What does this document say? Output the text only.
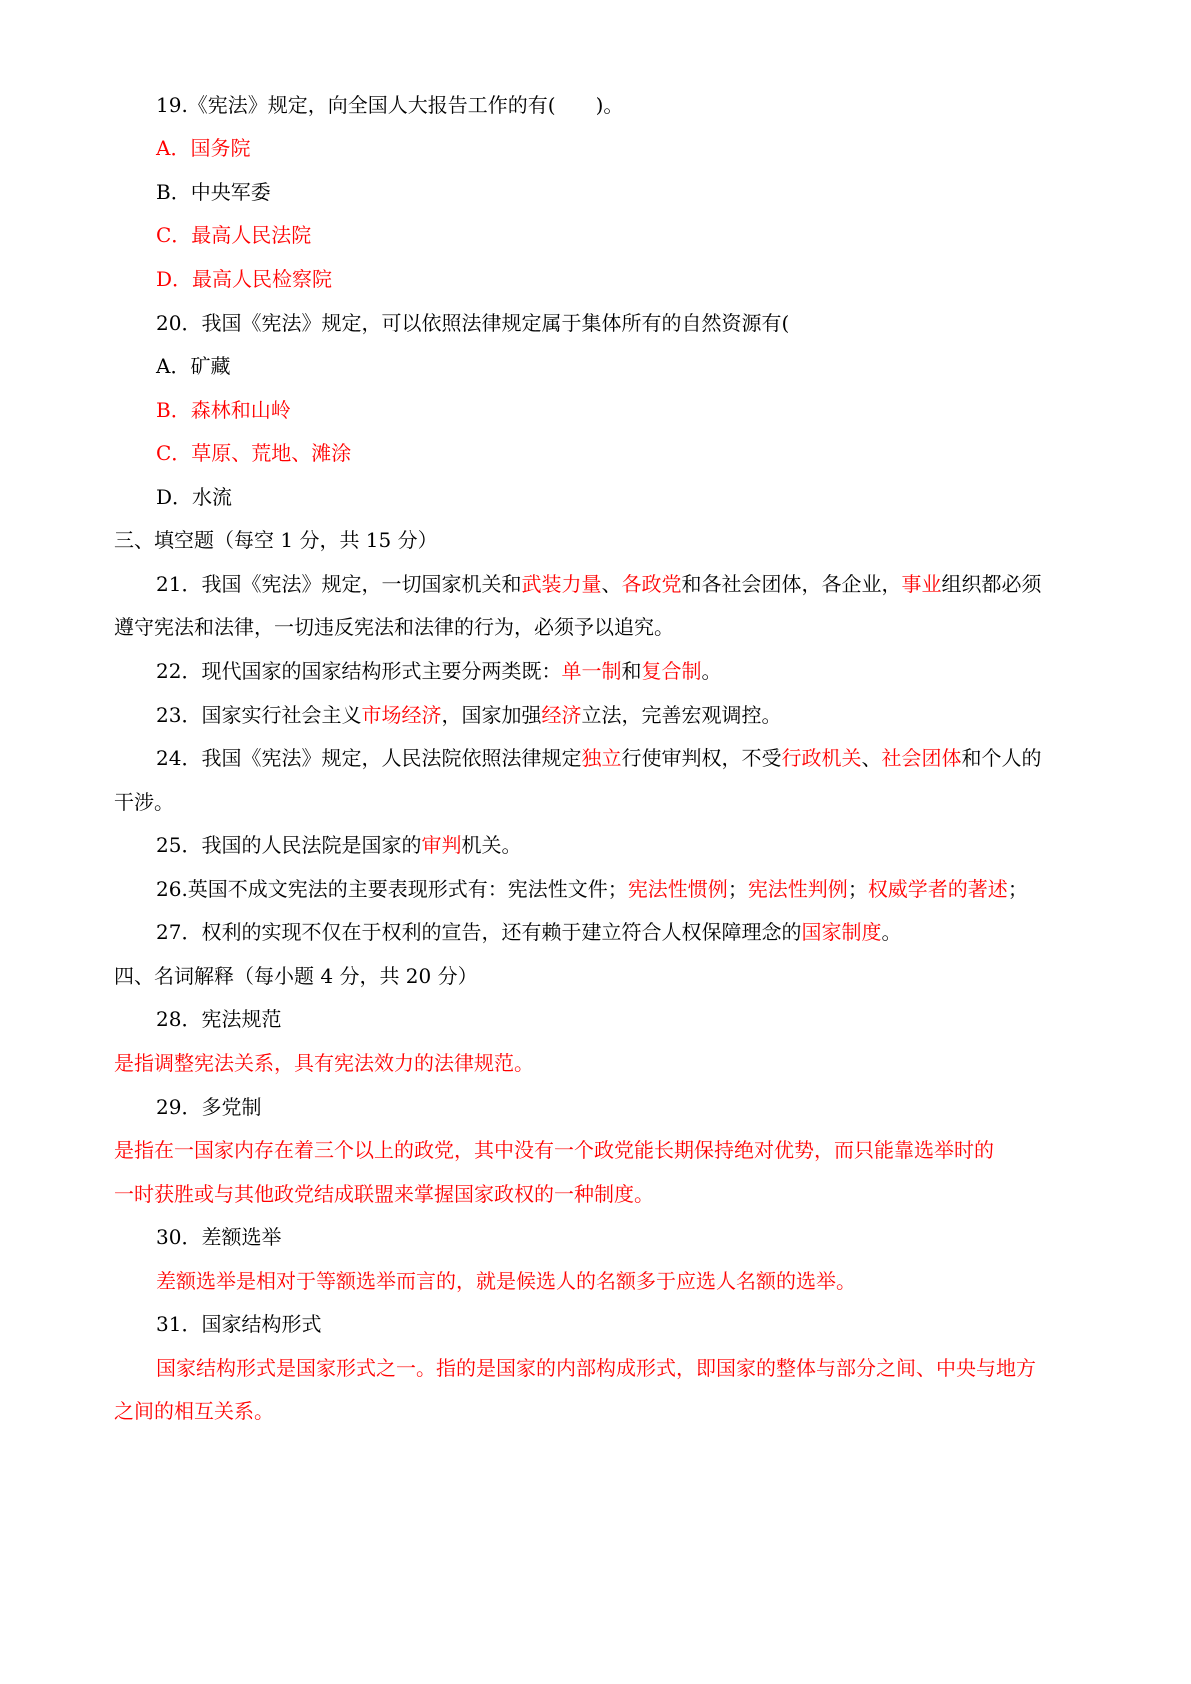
19.《宪法》规定，向全国人大报告工作的有(　　)。
A．国务院
B．中央军委
C．最高人民法院
D．最高人民检察院
20．我国《宪法》规定，可以依照法律规定属于集体所有的自然资源有(
A．矿藏
B．森林和山岭
C．草原、荒地、滩涂
D．水流
三、填空题（每空 1 分，共 15 分）
21．我国《宪法》规定，一切国家机关和武装力量、各政党和各社会团体，各企业，事业组织都必须
遵守宪法和法律，一切违反宪法和法律的行为，必须予以追究。
22．现代国家的国家结构形式主要分两类既：单一制和复合制。
23．国家实行社会主义市场经济，国家加强经济立法，完善宏观调控。
24．我国《宪法》规定，人民法院依照法律规定独立行使审判权，不受行政机关、社会团体和个人的
干涉。
25．我国的人民法院是国家的审判机关。
26.英国不成文宪法的主要表现形式有：宪法性文件；宪法性惯例；宪法性判例；权威学者的著述；
27．权利的实现不仅在于权利的宣告，还有赖于建立符合人权保障理念的国家制度。
四、名词解释（每小题 4 分，共 20 分）
28．宪法规范
是指调整宪法关系，具有宪法效力的法律规范。
29．多党制
是指在一国家内存在着三个以上的政党，其中没有一个政党能长期保持绝对优势，而只能靠选举时的
一时获胜或与其他政党结成联盟来掌握国家政权的一种制度。
30．差额选举
差额选举是相对于等额选举而言的，就是候选人的名额多于应选人名额的选举。
31．国家结构形式
国家结构形式是国家形式之一。指的是国家的内部构成形式，即国家的整体与部分之间、中央与地方
之间的相互关系。
